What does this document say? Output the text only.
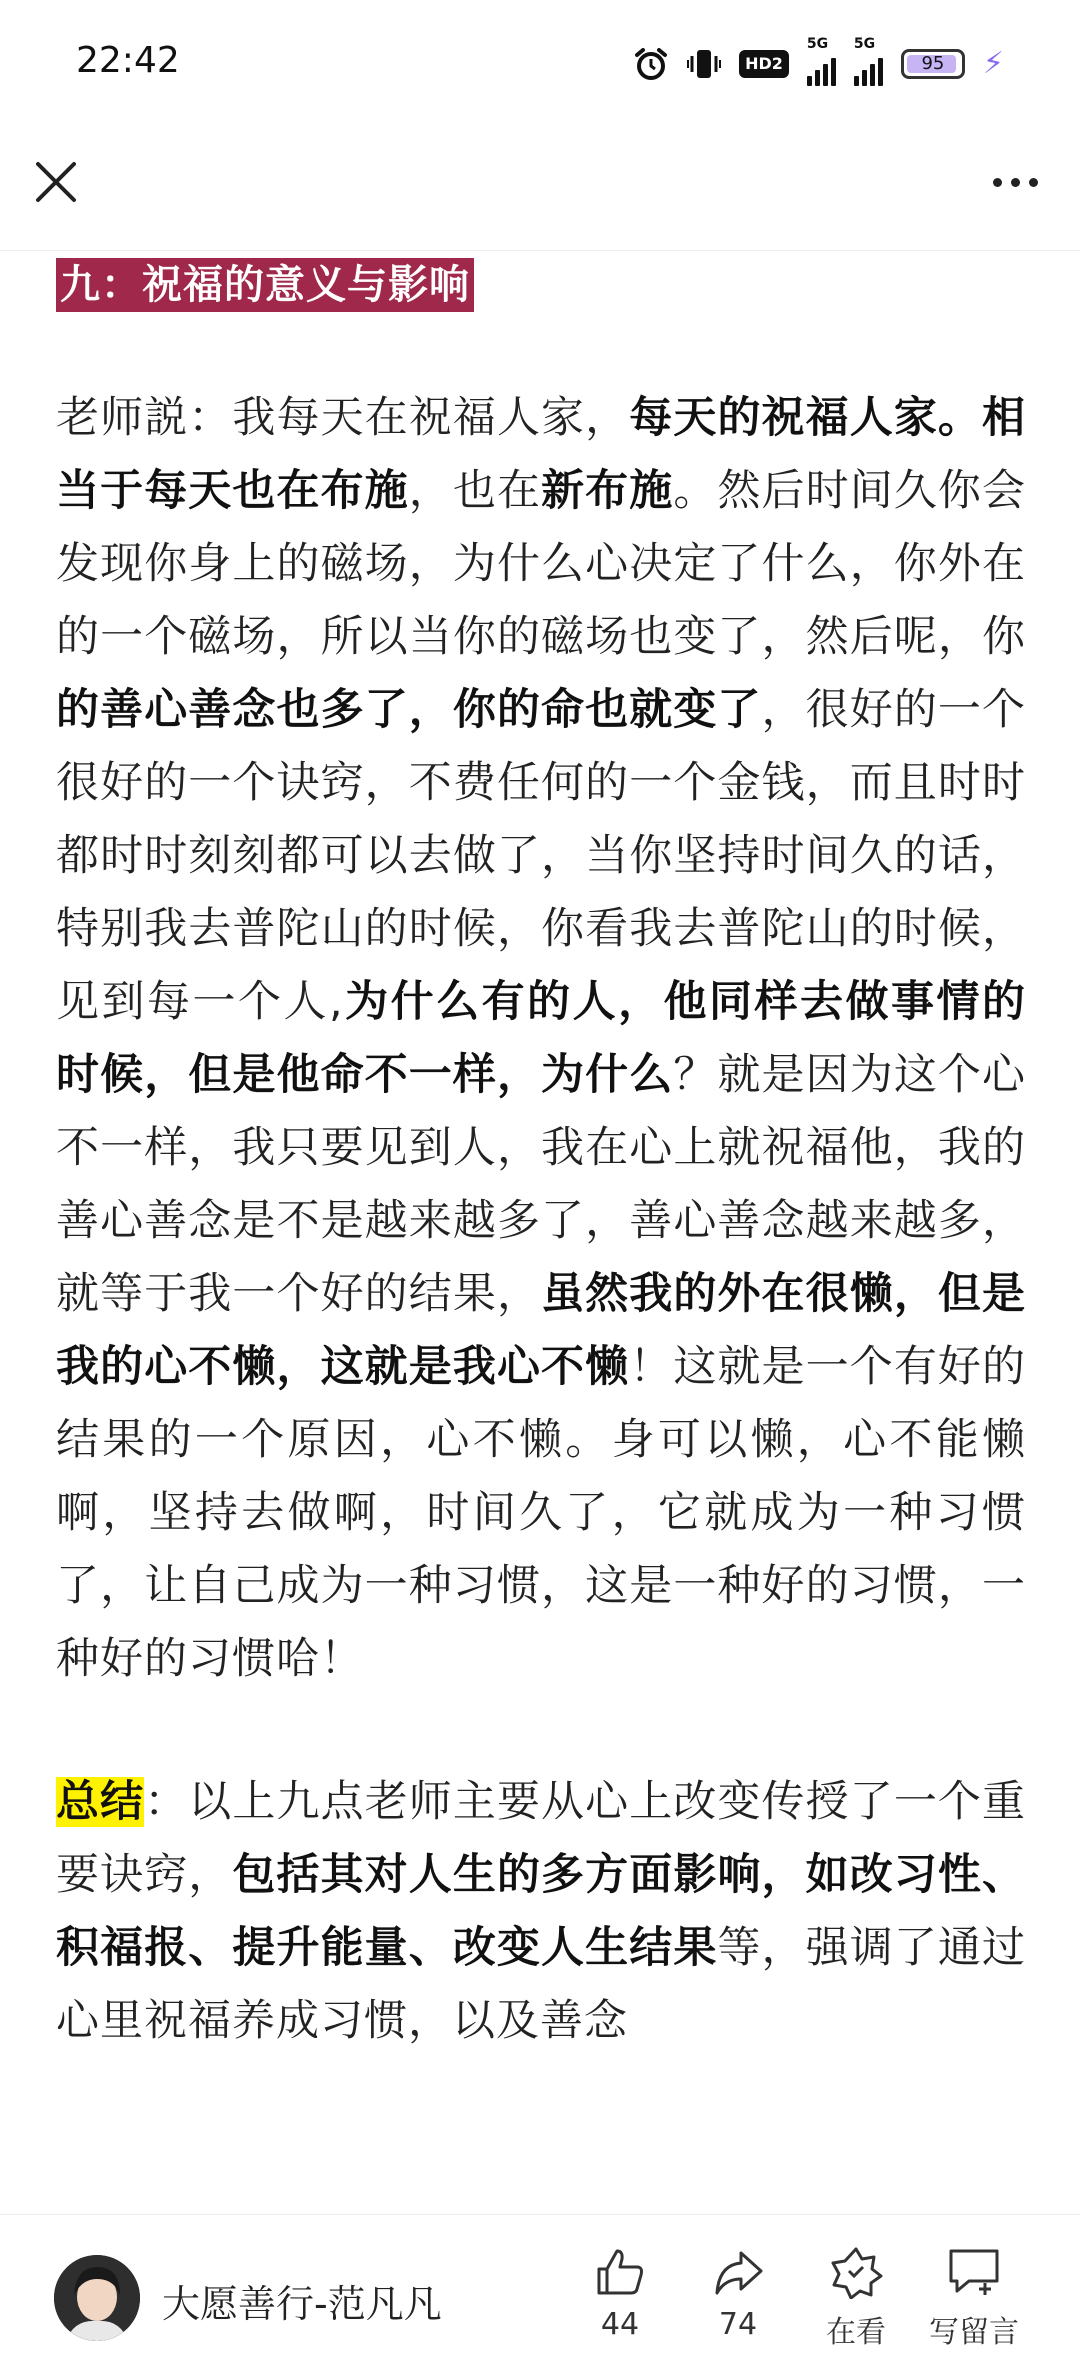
22:42	HD2
5G 5G
95	⚡
九：祝福的意义与影响

老师説：我每天在祝福人家，每天的祝福人家。相当于每天也在布施，也在新布施。然后时间久你会发现你身上的磁场，为什么心决定了什么，你外在的一个磁场，所以当你的磁场也变了，然后呢，你的善心善念也多了，你的命也就变了，很好的一个很好的一个诀窍，不费任何的一个金钱，而且时时都时时刻刻都可以去做了，当你坚持时间久的话，特别我去普陀山的时候，你看我去普陀山的时候，见到每一个人,为什么有的人，他同样去做事情的时候，但是他命不一样，为什么？就是因为这个心不一样，我只要见到人，我在心上就祝福他，我的善心善念是不是越来越多了，善心善念越来越多，就等于我一个好的结果，虽然我的外在很懒，但是我的心不懒，这就是我心不懒！这就是一个有好的结果的一个原因，心不懒。身可以懒，心不能懒啊，坚持去做啊，时间久了，它就成为一种习惯了，让自己成为一种习惯，这是一种好的习惯，一种好的习惯哈！

总结：以上九点老师主要从心上改变传授了一个重要诀窍，包括其对人生的多方面影响，如改习性、积福报、提升能量、改变人生结果等，强调了通过心里祝福养成习惯，以及善念

大愿善行-范凡凡	44	74	在看	写留言
